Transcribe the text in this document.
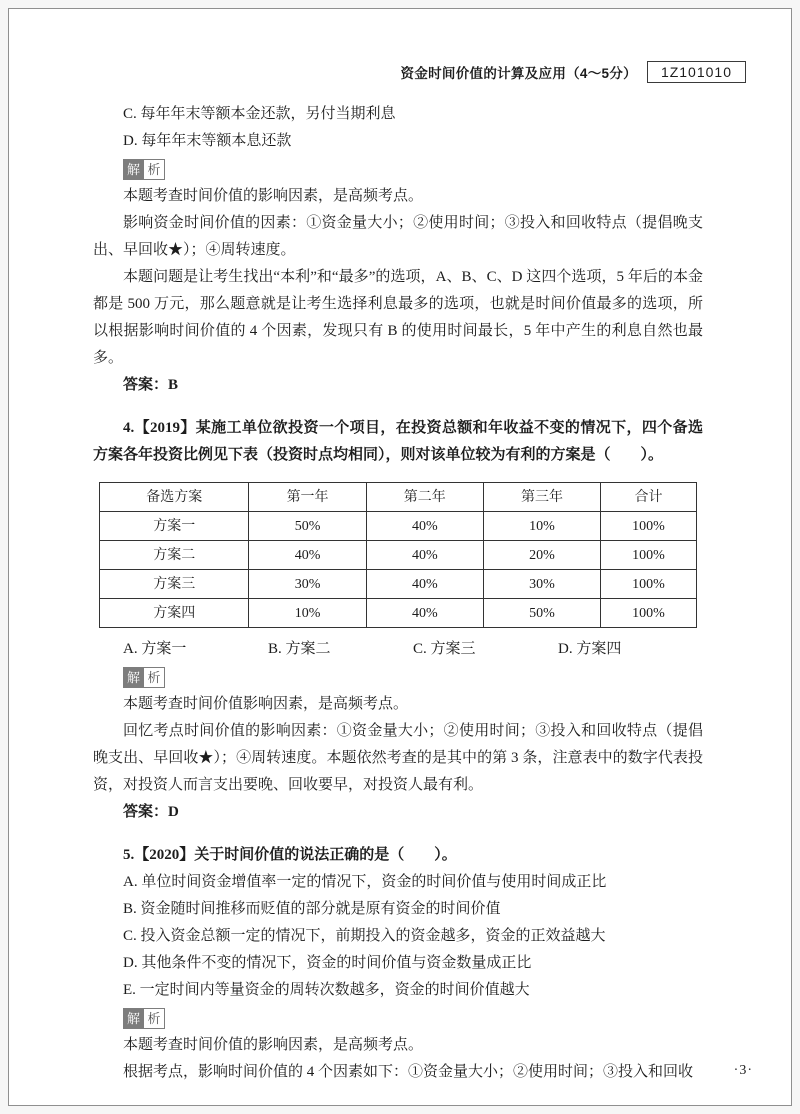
资金时间价值的计算及应用（4～5分）	1Z101010
C. 每年年末等额本金还款，另付当期利息
D. 每年年末等额本息还款
解 析
本题考查时间价值的影响因素，是高频考点。
影响资金时间价值的因素：①资金量大小；②使用时间；③投入和回收特点（提倡晚支出、早回收★）；④周转速度。
本题问题是让考生找出“本利”和“最多”的选项，A、B、C、D 这四个选项，5 年后的本金都是 500 万元，那么题意就是让考生选择利息最多的选项，也就是时间价值最多的选项，所以根据影响时间价值的 4 个因素，发现只有 B 的使用时间最长，5 年中产生的利息自然也最多。
答案：B
4.【2019】某施工单位欲投资一个项目，在投资总额和年收益不变的情况下，四个备选方案各年投资比例见下表（投资时点均相同），则对该单位较为有利的方案是（　　）。
备选方案	第一年	第二年	第三年	合计
方案一	50%	40%	10%	100%
方案二	40%	40%	20%	100%
方案三	30%	40%	30%	100%
方案四	10%	40%	50%	100%
A. 方案一	B. 方案二	C. 方案三	D. 方案四
解 析
本题考查时间价值影响因素，是高频考点。
回忆考点时间价值的影响因素：①资金量大小；②使用时间；③投入和回收特点（提倡晚支出、早回收★）；④周转速度。本题依然考查的是其中的第 3 条，注意表中的数字代表投资，对投资人而言支出要晚、回收要早，对投资人最有利。
答案：D
5.【2020】关于时间价值的说法正确的是（　　）。
A. 单位时间资金增值率一定的情况下，资金的时间价值与使用时间成正比
B. 资金随时间推移而贬值的部分就是原有资金的时间价值
C. 投入资金总额一定的情况下，前期投入的资金越多，资金的正效益越大
D. 其他条件不变的情况下，资金的时间价值与资金数量成正比
E. 一定时间内等量资金的周转次数越多，资金的时间价值越大
解 析
本题考查时间价值的影响因素，是高频考点。
根据考点，影响时间价值的 4 个因素如下：①资金量大小；②使用时间；③投入和回收	·3·
